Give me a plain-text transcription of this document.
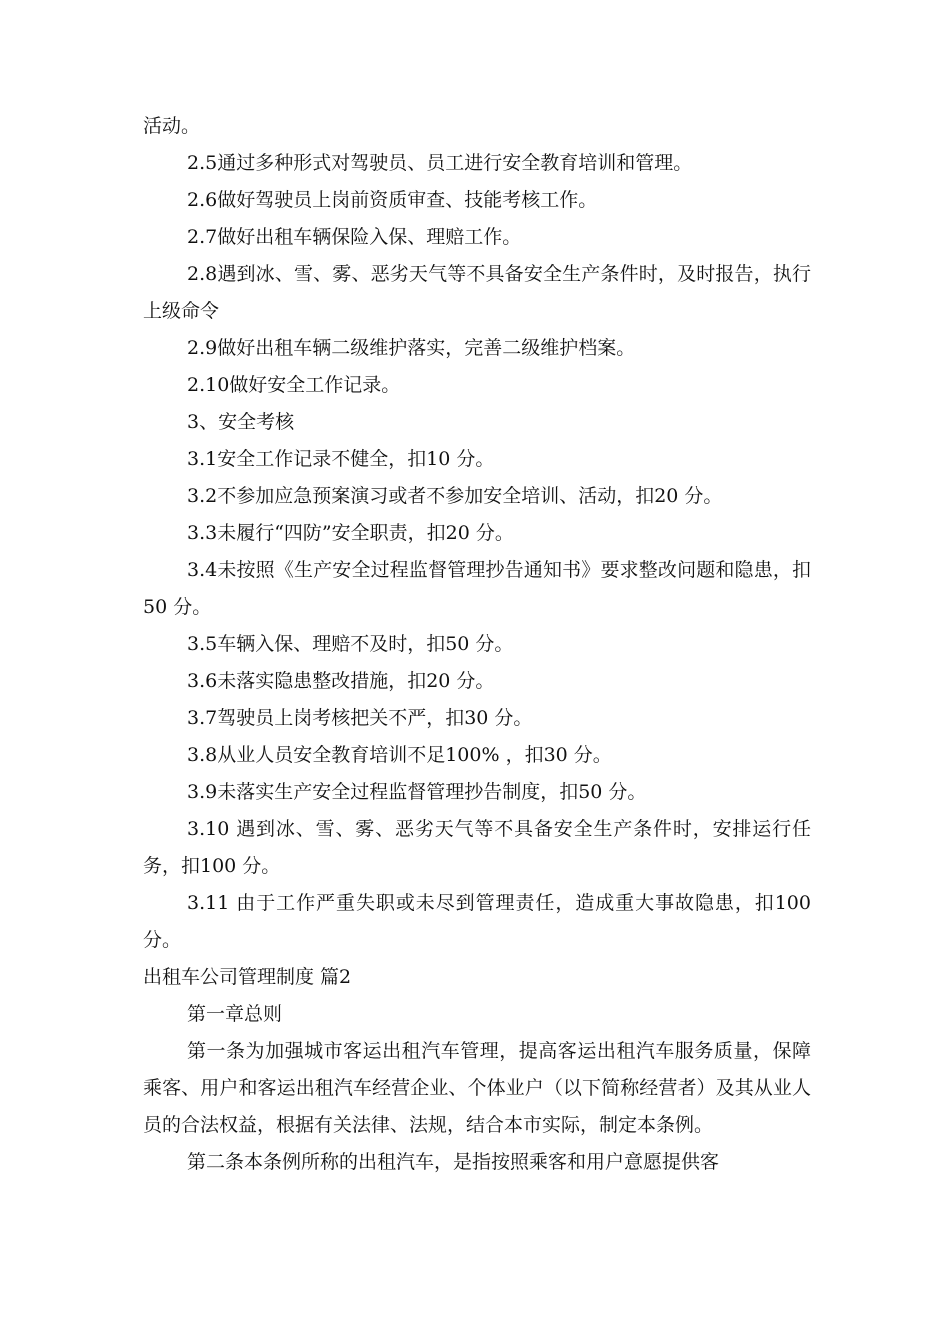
活动。

2.5通过多种形式对驾驶员、员工进行安全教育培训和管理。

2.6做好驾驶员上岗前资质审查、技能考核工作。

2.7做好出租车辆保险入保、理赔工作。

2.8遇到冰、雪、雾、恶劣天气等不具备安全生产条件时，及时报告，执行上级命令

2.9做好出租车辆二级维护落实，完善二级维护档案。

2.10做好安全工作记录。

3、安全考核

3.1安全工作记录不健全，扣10 分。

3.2不参加应急预案演习或者不参加安全培训、活动，扣20 分。

3.3未履行“四防”安全职责，扣20 分。

3.4未按照《生产安全过程监督管理抄告通知书》要求整改问题和隐患，扣50 分。

3.5车辆入保、理赔不及时，扣50 分。

3.6未落实隐患整改措施，扣20 分。

3.7驾驶员上岗考核把关不严，扣30 分。

3.8从业人员安全教育培训不足100% ，扣30 分。

3.9未落实生产安全过程监督管理抄告制度，扣50 分。

3.10 遇到冰、雪、雾、恶劣天气等不具备安全生产条件时，安排运行任务，扣100 分。

3.11 由于工作严重失职或未尽到管理责任，造成重大事故隐患，扣100 分。

出租车公司管理制度 篇2

第一章总则

第一条为加强城市客运出租汽车管理，提高客运出租汽车服务质量，保障乘客、用户和客运出租汽车经营企业、个体业户（以下简称经营者）及其从业人员的合法权益，根据有关法律、法规，结合本市实际，制定本条例。

第二条本条例所称的出租汽车，是指按照乘客和用户意愿提供客
